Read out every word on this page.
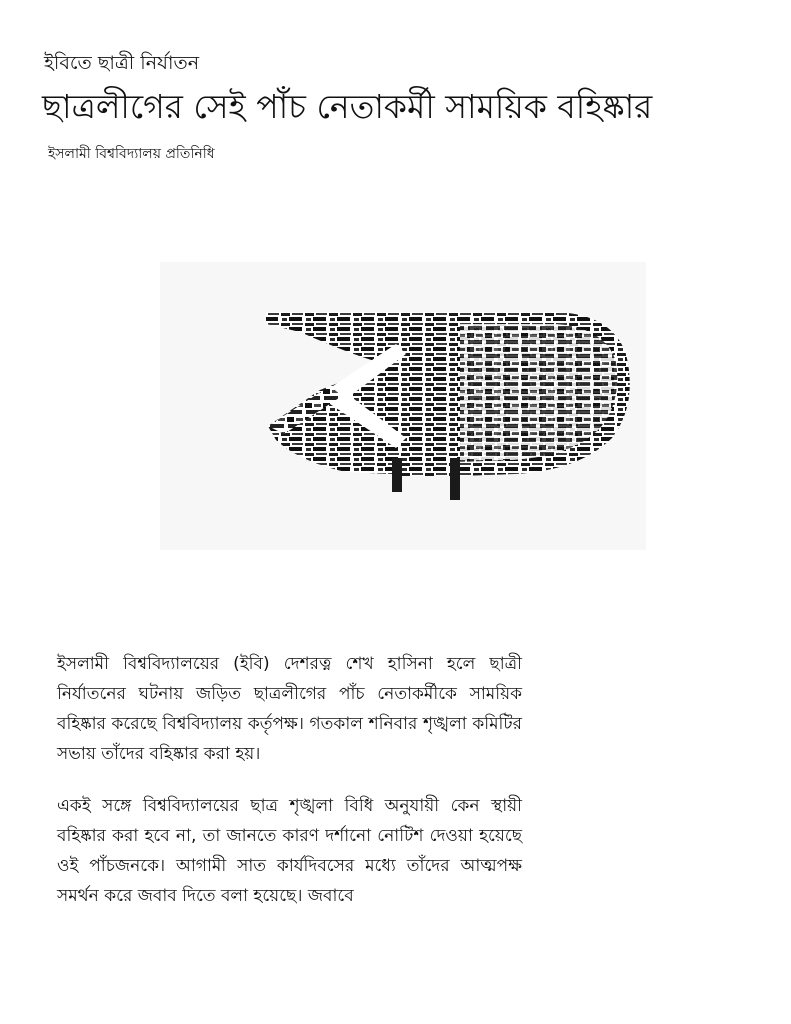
ইবিতে ছাত্রী নির্যাতন
ছাত্রলীগের সেই পাঁচ নেতাকর্মী সাময়িক বহিষ্কার
ইসলামী বিশ্ববিদ্যালয় প্রতিনিধি

ইসলামী বিশ্ববিদ্যালয়ের (ইবি) দেশরত্ন শেখ হাসিনা হলে ছাত্রী নির্যাতনের ঘটনায় জড়িত ছাত্রলীগের পাঁচ নেতাকর্মীকে সাময়িক বহিষ্কার করেছে বিশ্ববিদ্যালয় কর্তৃপক্ষ। গতকাল শনিবার শৃঙ্খলা কমিটির সভায় তাঁদের বহিষ্কার করা হয়।

একই সঙ্গে বিশ্ববিদ্যালয়ের ছাত্র শৃঙ্খলা বিধি অনুযায়ী কেন স্থায়ী বহিষ্কার করা হবে না, তা জানতে কারণ দর্শানো নোটিশ দেওয়া হয়েছে ওই পাঁচজনকে। আগামী সাত কার্যদিবসের মধ্যে তাঁদের আত্মপক্ষ সমর্থন করে জবাব দিতে বলা হয়েছে। জবাবে
